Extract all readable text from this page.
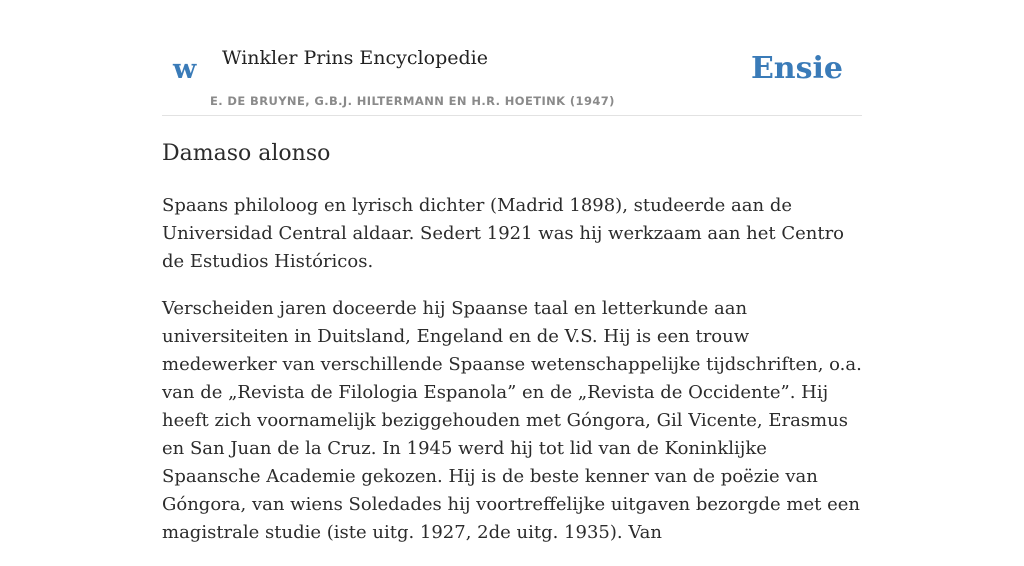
w Winkler Prins Encyclopedie
E. DE BRUYNE, G.B.J. HILTERMANN EN H.R. HOETINK (1947)
Ensie
Damaso alonso

Spaans philoloog en lyrisch dichter (Madrid 1898), studeerde aan de Universidad Central aldaar. Sedert 1921 was hij werkzaam aan het Centro de Estudios Históricos.

Verscheiden jaren doceerde hij Spaanse taal en letterkunde aan universiteiten in Duitsland, Engeland en de V.S. Hij is een trouw medewerker van verschillende Spaanse wetenschappelijke tijdschriften, o.a. van de „Revista de Filologia Espanola” en de „Revista de Occidente”. Hij heeft zich voornamelijk beziggehouden met Góngora, Gil Vicente, Erasmus en San Juan de la Cruz. In 1945 werd hij tot lid van de Koninklijke Spaansche Academie gekozen. Hij is de beste kenner van de poëzie van Góngora, van wiens Soledades hij voortreffelijke uitgaven bezorgde met een magistrale studie (iste uitg. 1927, 2de uitg. 1935). Van
